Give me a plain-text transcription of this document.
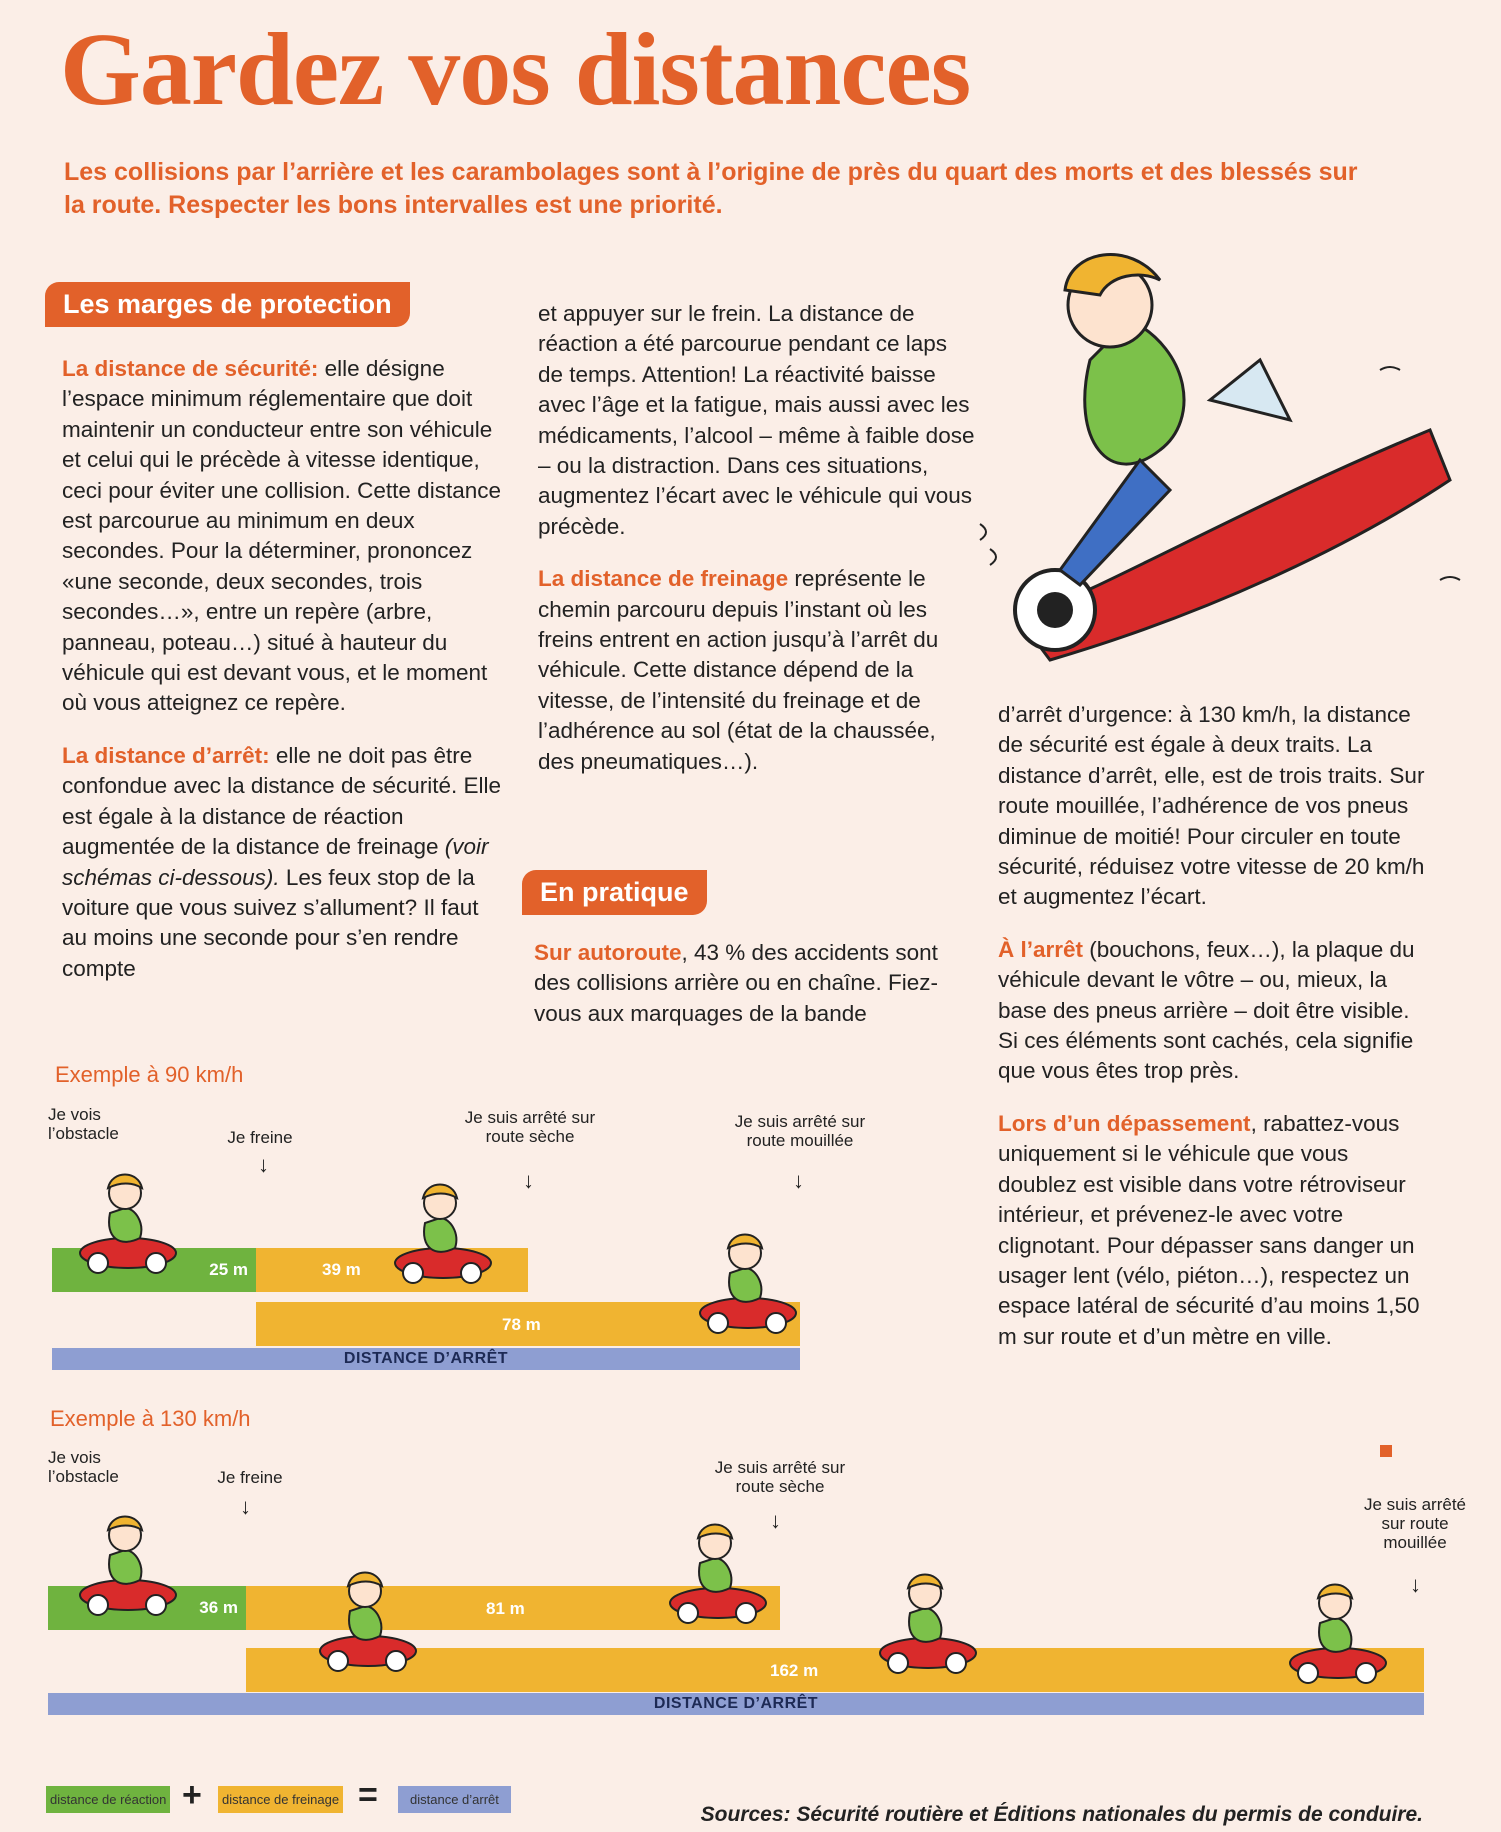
Gardez vos distances

Les collisions par l’arrière et les carambolages sont à l’origine de près du quart des morts et des blessés sur la route. Respecter les bons intervalles est une priorité.

Les marges de protection

La distance de sécurité: elle désigne l’espace minimum réglementaire que doit maintenir un conducteur entre son véhicule et celui qui le précède à vitesse identique, ceci pour éviter une collision. Cette distance est parcourue au minimum en deux secondes. Pour la déterminer, prononcez «une seconde, deux secondes, trois secondes…», entre un repère (arbre, panneau, poteau…) situé à hauteur du véhicule qui est devant vous, et le moment où vous atteignez ce repère.

La distance d’arrêt: elle ne doit pas être confondue avec la distance de sécurité. Elle est égale à la distance de réaction augmentée de la distance de freinage (voir schémas ci-dessous). Les feux stop de la voiture que vous suivez s’allument? Il faut au moins une seconde pour s’en rendre compte

et appuyer sur le frein. La distance de réaction a été parcourue pendant ce laps de temps. Attention! La réactivité baisse avec l’âge et la fatigue, mais aussi avec les médicaments, l’alcool – même à faible dose – ou la distraction. Dans ces situations, augmentez l’écart avec le véhicule qui vous précède.

La distance de freinage représente le chemin parcouru depuis l’instant où les freins entrent en action jusqu’à l’arrêt du véhicule. Cette distance dépend de la vitesse, de l’intensité du freinage et de l’adhérence au sol (état de la chaussée, des pneumatiques…).

En pratique

Sur autoroute, 43 % des accidents sont des collisions arrière ou en chaîne. Fiez-vous aux marquages de la bande

d’arrêt d’urgence: à 130 km/h, la distance de sécurité est égale à deux traits. La distance d’arrêt, elle, est de trois traits. Sur route mouillée, l’adhérence de vos pneus diminue de moitié! Pour circuler en toute sécurité, réduisez votre vitesse de 20 km/h et augmentez l’écart.

À l’arrêt (bouchons, feux…), la plaque du véhicule devant le vôtre – ou, mieux, la base des pneus arrière – doit être visible. Si ces éléments sont cachés, cela signifie que vous êtes trop près.

Lors d’un dépassement, rabattez-vous uniquement si le véhicule que vous doublez est visible dans votre rétroviseur intérieur, et prévenez-le avec votre clignotant. Pour dépasser sans danger un usager lent (vélo, piéton…), respectez un espace latéral de sécurité d’au moins 1,50 m sur route et d’un mètre en ville.

Exemple à 90 km/h
Je vois l’obstacle	Je freine
↓
Je suis arrêté sur route sèche
↓
Je suis arrêté sur route mouillée
↓
25 m	39 m
78 m
DISTANCE D’ARRÊT
Exemple à 130 km/h
Je vois l’obstacle	Je freine
↓
Je suis arrêté sur route sèche
↓
Je suis arrêté sur route mouillée
↓
36 m	81 m
162 m
DISTANCE D’ARRÊT
distance de réaction +	distance de freinage =	distance d’arrêt
Sources: Sécurité routière et Éditions nationales du permis de conduire.
